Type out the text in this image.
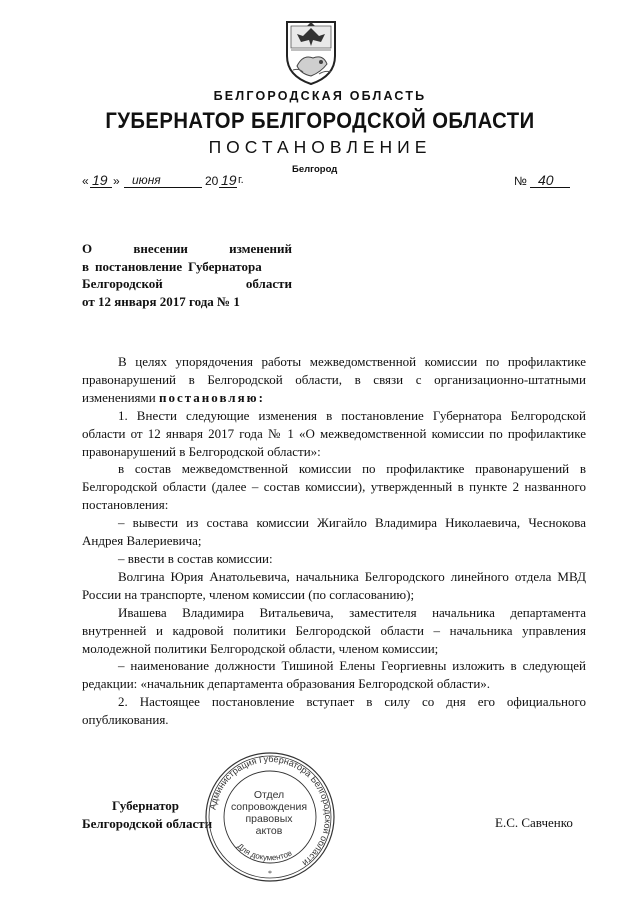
БЕЛГОРОДСКАЯ ОБЛАСТЬ
ГУБЕРНАТОР БЕЛГОРОДСКОЙ ОБЛАСТИ
ПОСТАНОВЛЕНИЕ
Белгород
« 19 » июня	20 19 г.	№ 40
О	внесении	изменений
в постановление Губернатора
Белгородской	области
от 12 января 2017 года № 1

В целях упорядочения работы межведомственной комиссии по профилактике правонарушений в Белгородской области, в связи с организационно-штатными изменениями постановляю:

1. Внести следующие изменения в постановление Губернатора Белгородской области от 12 января 2017 года № 1 «О межведомственной комиссии по профилактике правонарушений в Белгородской области»:

в состав межведомственной комиссии по профилактике правонарушений в Белгородской области (далее – состав комиссии), утвержденный в пункте 2 названного постановления:

– вывести из состава комиссии Жигайло Владимира Николаевича, Чеснокова Андрея Валериевича;

– ввести в состав комиссии:

Волгина Юрия Анатольевича, начальника Белгородского линейного отдела МВД России на транспорте, членом комиссии (по согласованию);

Ивашева Владимира Витальевича, заместителя начальника департамента внутренней и кадровой политики Белгородской области – начальника управления молодежной политики Белгородской области, членом комиссии;

– наименование должности Тишиной Елены Георгиевны изложить в следующей редакции: «начальник департамента образования Белгородской области».

2. Настоящее постановление вступает в силу со дня его официального опубликования.

Губернатор
Белгородской области	Е.С. Савченко
Администрация Губернатора Белгородской области
Для документов
*
Отдел
сопровождения
правовых
актов
